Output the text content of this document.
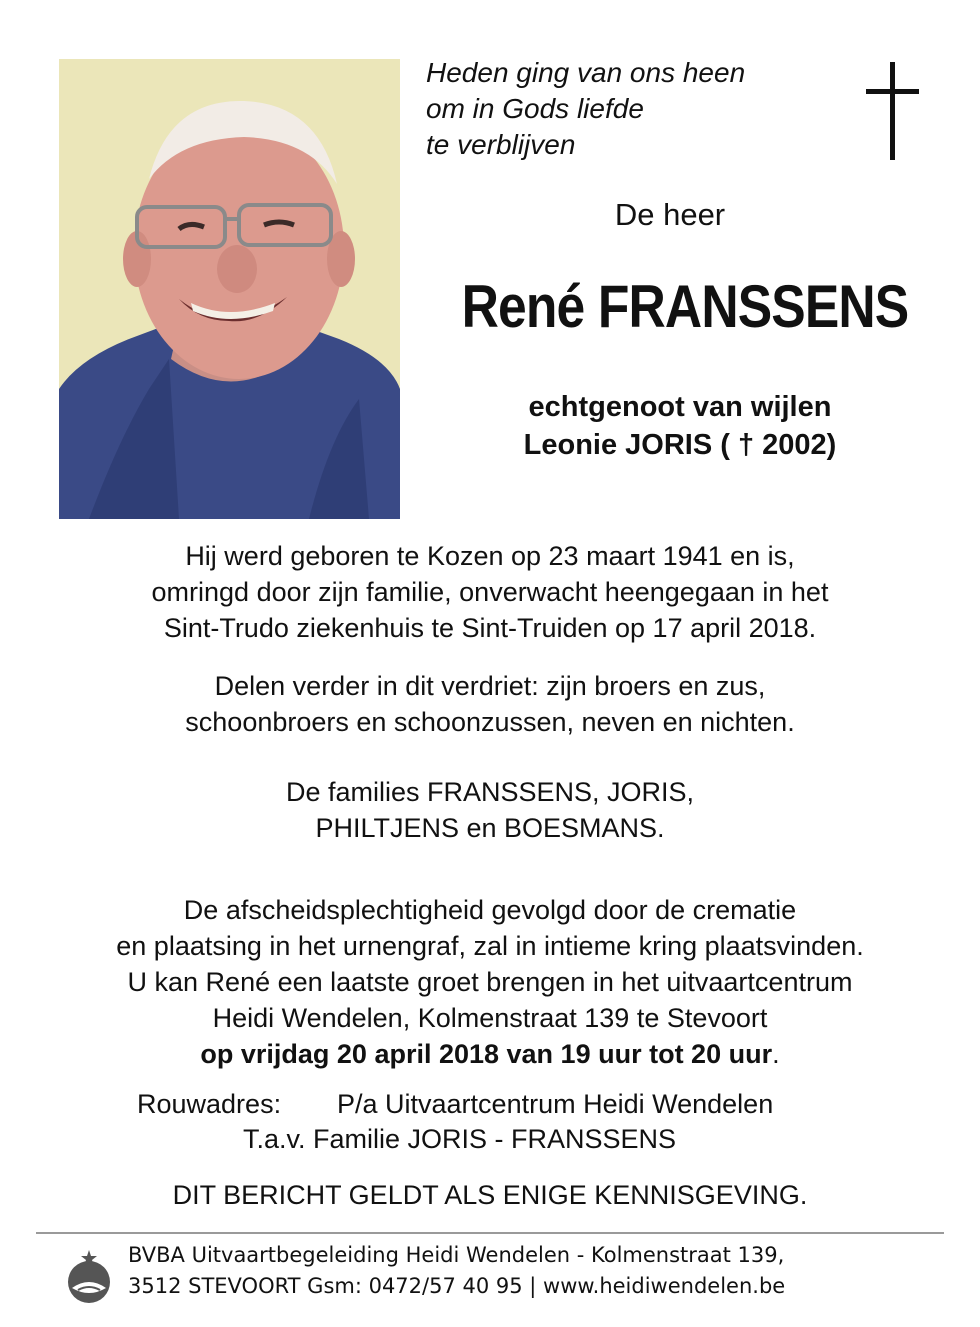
Heden ging van ons heen
om in Gods liefde
te verblijven
De heer
René FRANSSENS
echtgenoot van wijlen
Leonie JORIS ( † 2002)
Hij werd geboren te Kozen op 23 maart 1941 en is,
omringd door zijn familie, onverwacht heengegaan in het
Sint-Trudo ziekenhuis te Sint-Truiden op 17 april 2018.
Delen verder in dit verdriet: zijn broers en zus,
schoonbroers en schoonzussen, neven en nichten.
De families FRANSSENS, JORIS,
PHILTJENS en BOESMANS.
De afscheidsplechtigheid gevolgd door de crematie
en plaatsing in het urnengraf, zal in intieme kring plaatsvinden.
U kan René een laatste groet brengen in het uitvaartcentrum
Heidi Wendelen, Kolmenstraat 139 te Stevoort
op vrijdag 20 april 2018 van 19 uur tot 20 uur.
Rouwadres: P/a Uitvaartcentrum Heidi Wendelen
T.a.v. Familie JORIS - FRANSSENS
DIT BERICHT GELDT ALS ENIGE KENNISGEVING.
BVBA Uitvaartbegeleiding Heidi Wendelen - Kolmenstraat 139,
3512 STEVOORT Gsm: 0472/57 40 95 | www.heidiwendelen.be
